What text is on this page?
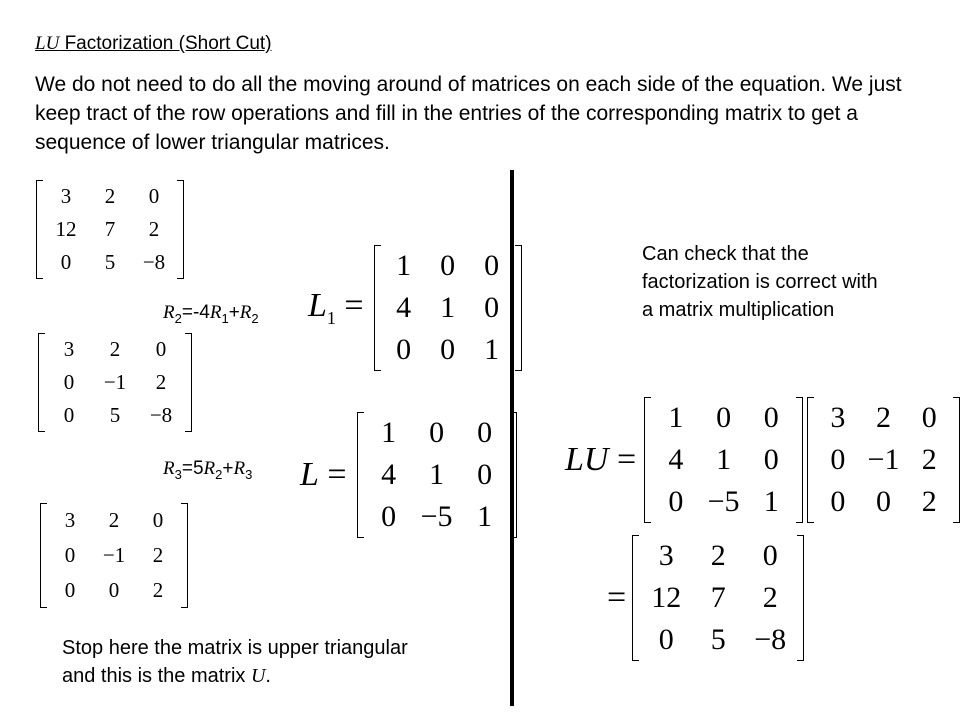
LU Factorization (Short Cut)
We do not need to do all the moving around of matrices on each side of the equation. We just keep tract of the row operations and fill in the entries of the corresponding matrix to get a sequence of lower triangular matrices.
3	2	0
12	7	2
0	5	−8
$R_2=-4R_1+R_2$ $L_1$ =
1	0	0
4	1	0
0	0	1
3	2	0
0	−1	2
0	5	−8
$R_3=5R_2+R_3$ L =
1	0	0
4	1	0
0	−5	1
3	2	0
0	−1	2
0	0	2
Stop here the matrix is upper triangular
and this is the matrix U.
Can check that the factorization is correct with a matrix multiplication
LU =
1	0	0
4	1	0
0	−5	1
3	2	0
0	−1	2
0	0	2
=
3	2	0
12	7	2
0	5	−8
